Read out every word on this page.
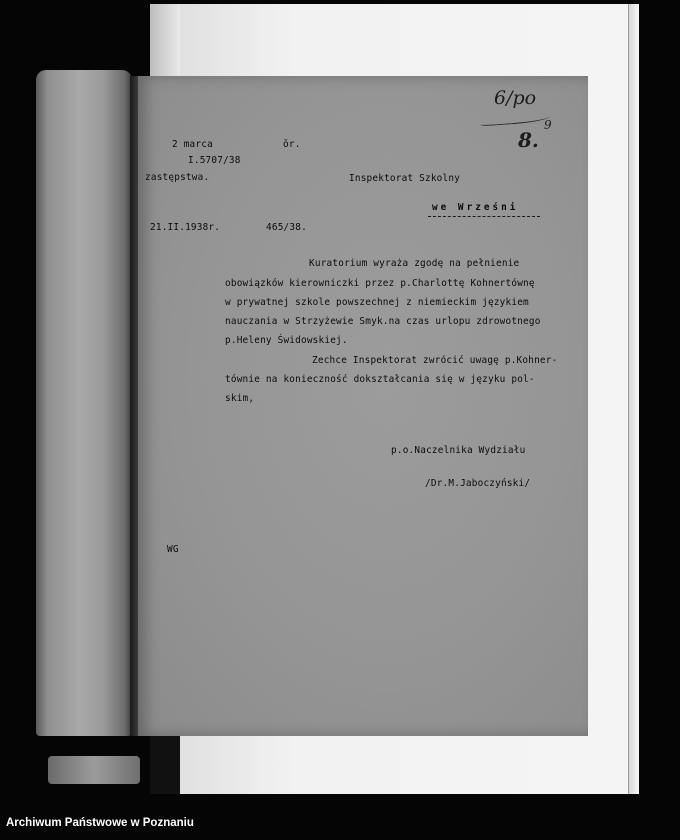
6/po
8.
9
2 marca	ōr.
I.5707/38
zastępstwa.	Inspektorat Szkolny
we Wrześni
21.II.1938r.	465/38.
Kuratorium wyraża zgodę na pełnienie
obowiązków kierowniczki przez p.Charlottę Kohnertównę
w prywatnej szkole powszechnej z niemieckim językiem
nauczania w Strzyżewie Smyk.na czas urlopu zdrowotnego
p.Heleny Świdowskiej.
Zechce Inspektorat zwrócić uwagę p.Kohner-
tównie na konieczność dokształcania się w języku pol-
skim,
p.o.Naczelnika Wydziału
/Dr.M.Jaboczyński/
WG
Archiwum Państwowe w Poznaniu
